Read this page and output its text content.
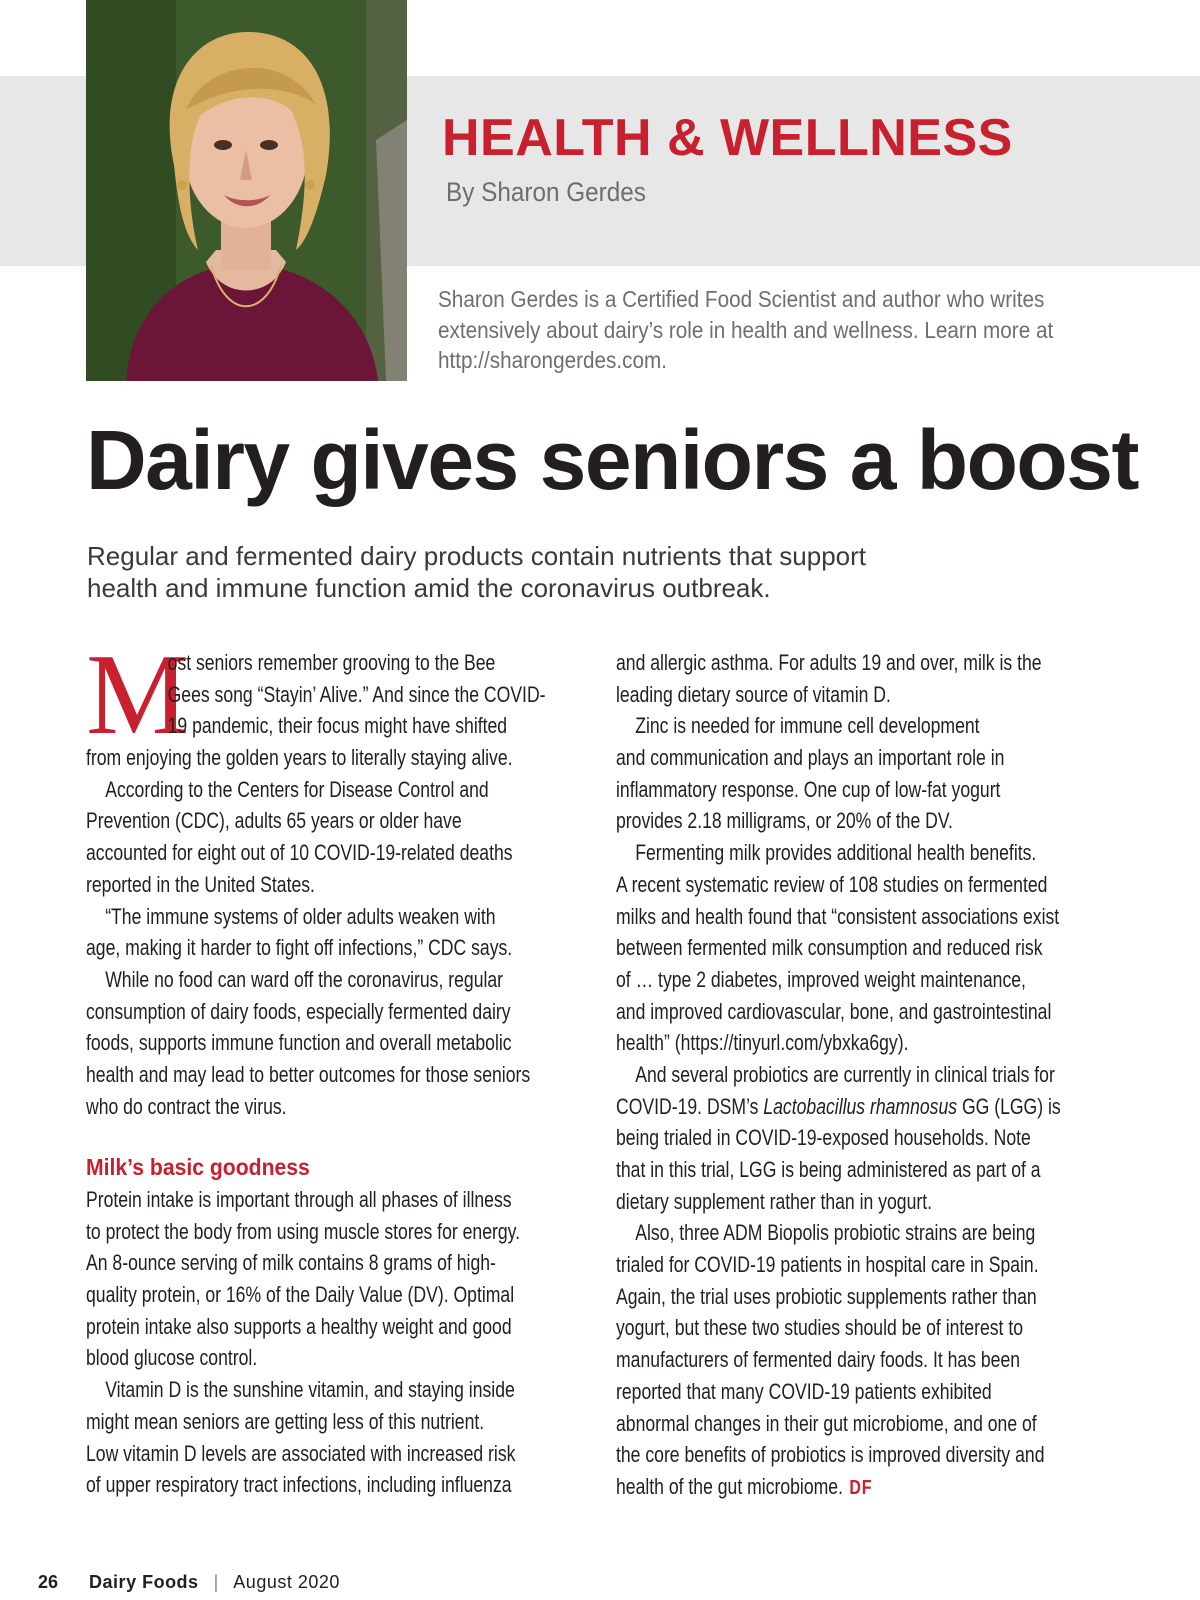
HEALTH & WELLNESS
By Sharon Gerdes
Sharon Gerdes is a Certified Food Scientist and author who writes
extensively about dairy’s role in health and wellness. Learn more at
http://sharongerdes.com.
Dairy gives seniors a boost
Regular and fermented dairy products contain nutrients that support
health and immune function amid the coronavirus outbreak.
M
ost seniors remember grooving to the Bee
Gees song “Stayin’ Alive.” And since the COVID-
19 pandemic, their focus might have shifted
from enjoying the golden years to literally staying alive.
According to the Centers for Disease Control and
Prevention (CDC), adults 65 years or older have
accounted for eight out of 10 COVID-19-related deaths
reported in the United States.
“The immune systems of older adults weaken with
age, making it harder to fight off infections,” CDC says.
While no food can ward off the coronavirus, regular
consumption of dairy foods, especially fermented dairy
foods, supports immune function and overall metabolic
health and may lead to better outcomes for those seniors
who do contract the virus.
Milk’s basic goodness
Protein intake is important through all phases of illness
to protect the body from using muscle stores for energy.
An 8-ounce serving of milk contains 8 grams of high-
quality protein, or 16% of the Daily Value (DV). Optimal
protein intake also supports a healthy weight and good
blood glucose control.
Vitamin D is the sunshine vitamin, and staying inside
might mean seniors are getting less of this nutrient.
Low vitamin D levels are associated with increased risk
of upper respiratory tract infections, including influenza
and allergic asthma. For adults 19 and over, milk is the
leading dietary source of vitamin D.
Zinc is needed for immune cell development
and communication and plays an important role in
inflammatory response. One cup of low-fat yogurt
provides 2.18 milligrams, or 20% of the DV.
Fermenting milk provides additional health benefits.
A recent systematic review of 108 studies on fermented
milks and health found that “consistent associations exist
between fermented milk consumption and reduced risk
of … type 2 diabetes, improved weight maintenance,
and improved cardiovascular, bone, and gastrointestinal
health” (https://tinyurl.com/ybxka6gy).
And several probiotics are currently in clinical trials for
COVID-19. DSM’s Lactobacillus rhamnosus GG (LGG) is
being trialed in COVID-19-exposed households. Note
that in this trial, LGG is being administered as part of a
dietary supplement rather than in yogurt.
Also, three ADM Biopolis probiotic strains are being
trialed for COVID-19 patients in hospital care in Spain.
Again, the trial uses probiotic supplements rather than
yogurt, but these two studies should be of interest to
manufacturers of fermented dairy foods. It has been
reported that many COVID-19 patients exhibited
abnormal changes in their gut microbiome, and one of
the core benefits of probiotics is improved diversity and
health of the gut microbiome. DF
26 Dairy Foods | August 2020
